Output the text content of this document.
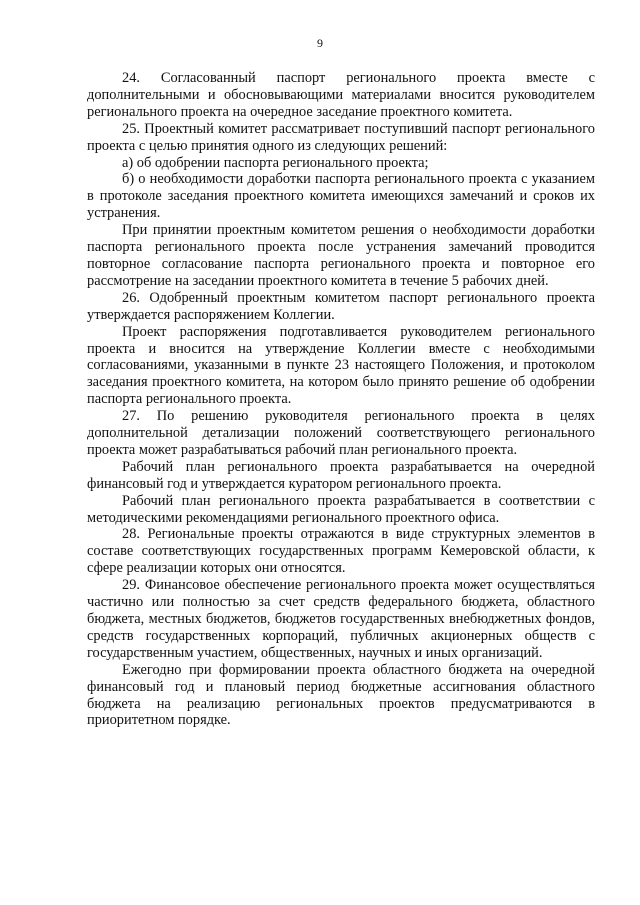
9

24. Согласованный паспорт регионального проекта вместе с дополнительными и обосновывающими материалами вносится руководителем регионального проекта на очередное заседание проектного комитета.

25. Проектный комитет рассматривает поступивший паспорт регионального проекта с целью принятия одного из следующих решений:

а) об одобрении паспорта регионального проекта;

б) о необходимости доработки паспорта регионального проекта с указанием в протоколе заседания проектного комитета имеющихся замечаний и сроков их устранения.

При принятии проектным комитетом решения о необходимости доработки паспорта регионального проекта после устранения замечаний проводится повторное согласование паспорта регионального проекта и повторное его рассмотрение на заседании проектного комитета в течение 5 рабочих дней.

26. Одобренный проектным комитетом паспорт регионального проекта утверждается распоряжением Коллегии.

Проект распоряжения подготавливается руководителем регионального проекта и вносится на утверждение Коллегии вместе с необходимыми согласованиями, указанными в пункте 23 настоящего Положения, и протоколом заседания проектного комитета, на котором было принято решение об одобрении паспорта регионального проекта.

27. По решению руководителя регионального проекта в целях дополнительной детализации положений соответствующего регионального проекта может разрабатываться рабочий план регионального проекта.

Рабочий план регионального проекта разрабатывается на очередной финансовый год и утверждается куратором регионального проекта.

Рабочий план регионального проекта разрабатывается в соответствии с методическими рекомендациями регионального проектного офиса.

28. Региональные проекты отражаются в виде структурных элементов в составе соответствующих государственных программ Кемеровской области, к сфере реализации которых они относятся.

29. Финансовое обеспечение регионального проекта может осуществляться частично или полностью за счет средств федерального бюджета, областного бюджета, местных бюджетов, бюджетов государственных внебюджетных фондов, средств государственных корпораций, публичных акционерных обществ с государственным участием, общественных, научных и иных организаций.

Ежегодно при формировании проекта областного бюджета на очередной финансовый год и плановый период бюджетные ассигнования областного бюджета на реализацию региональных проектов предусматриваются в приоритетном порядке.
